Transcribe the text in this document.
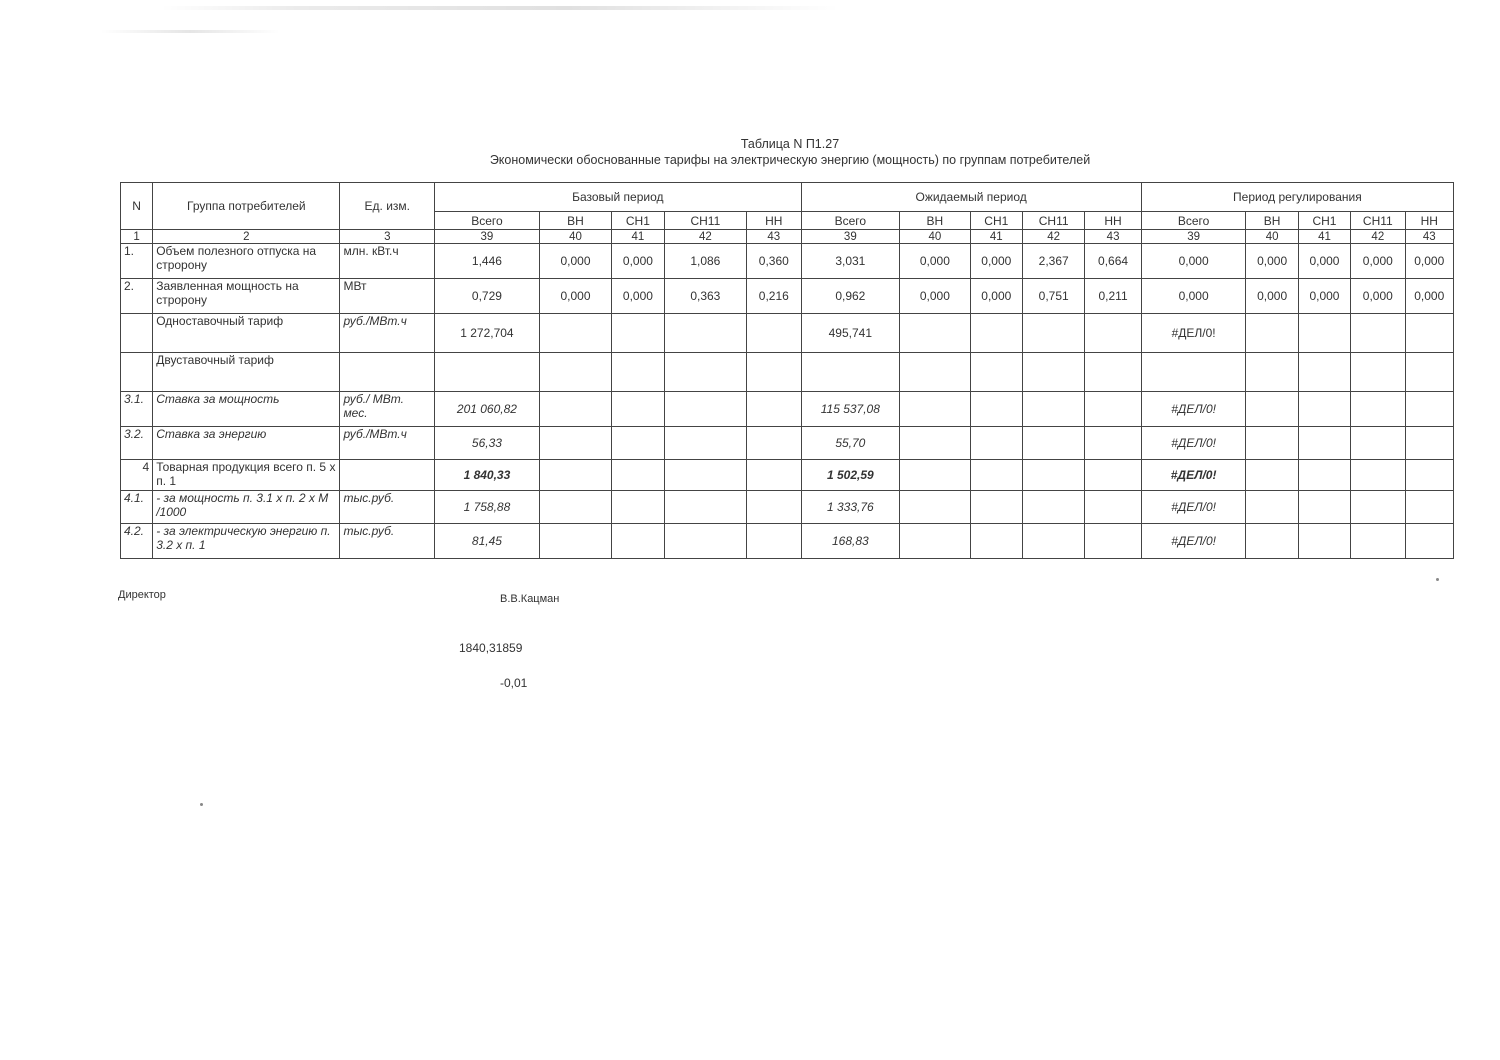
Таблица N П1.27
Экономически обоснованные тарифы на электрическую энергию (мощность) по группам потребителей
N	Группа потребителей	Ед. изм.	Базовый период					Ожидаемый период					Период регулирования				
			Всего	ВН	СН1	СН11	НН	Всего	ВН	СН1	СН11	НН	Всего	ВН	СН1	СН11	НН
1	2	3	39	40	41	42	43	39	40	41	42	43	39	40	41	42	43
1.	Объем полезного отпуска на стророну	млн. кВт.ч	1,446	0,000	0,000	1,086	0,360	3,031	0,000	0,000	2,367	0,664	0,000	0,000	0,000	0,000	0,000
2.	Заявленная мощность на стророну	МВт	0,729	0,000	0,000	0,363	0,216	0,962	0,000	0,000	0,751	0,211	0,000	0,000	0,000	0,000	0,000
	Одноставочный тариф	руб./МВт.ч	1 272,704					495,741					#ДЕЛ/0!				
	Двуставочный тариф																
3.1.	Ставка за мощность	руб./ МВт. мес.	201 060,82					115 537,08					#ДЕЛ/0!				
3.2.	Ставка за энергию	руб./МВт.ч	56,33					55,70					#ДЕЛ/0!				
4	Товарная продукция всего п. 5 х п. 1		1 840,33					1 502,59					#ДЕЛ/0!				
4.1.	- за мощность п. 3.1 х п. 2 х М /1000	тыс.руб.	1 758,88					1 333,76					#ДЕЛ/0!				
4.2.	- за электрическую энергию п. 3.2 х п. 1	тыс.руб.	81,45					168,83					#ДЕЛ/0!				
Директор	В.В.Кацман
1840,31859
-0,01
